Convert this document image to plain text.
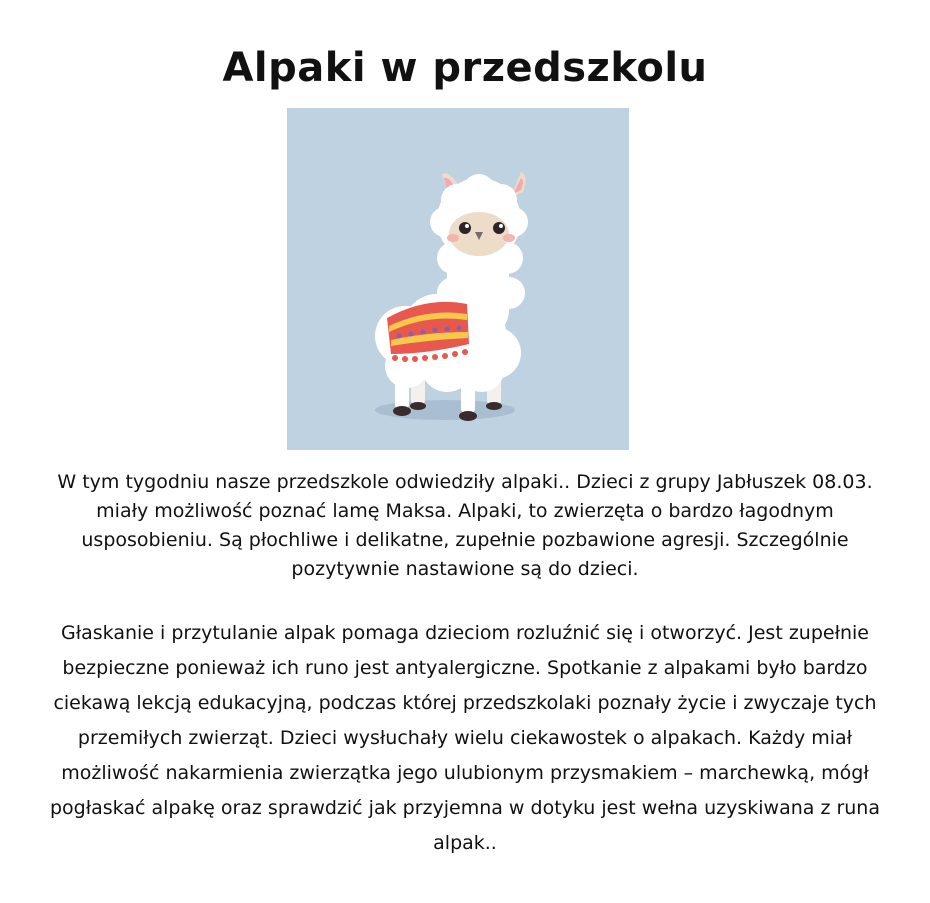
Alpaki w przedszkolu

W tym tygodniu nasze przedszkole odwiedziły alpaki.. Dzieci z grupy Jabłuszek 08.03. miały możliwość poznać lamę Maksa. Alpaki, to zwierzęta o bardzo łagodnym usposobieniu. Są płochliwe i delikatne, zupełnie pozbawione agresji. Szczególnie pozytywnie nastawione są do dzieci.

Głaskanie i przytulanie alpak pomaga dzieciom rozluźnić się i otworzyć. Jest zupełnie bezpieczne ponieważ ich runo jest antyalergiczne. Spotkanie z alpakami było bardzo ciekawą lekcją edukacyjną, podczas której przedszkolaki poznały życie i zwyczaje tych przemiłych zwierząt. Dzieci wysłuchały wielu ciekawostek o alpakach. Każdy miał możliwość nakarmienia zwierzątka jego ulubionym przysmakiem – marchewką, mógł pogłaskać alpakę oraz sprawdzić jak przyjemna w dotyku jest wełna uzyskiwana z runa alpak..
